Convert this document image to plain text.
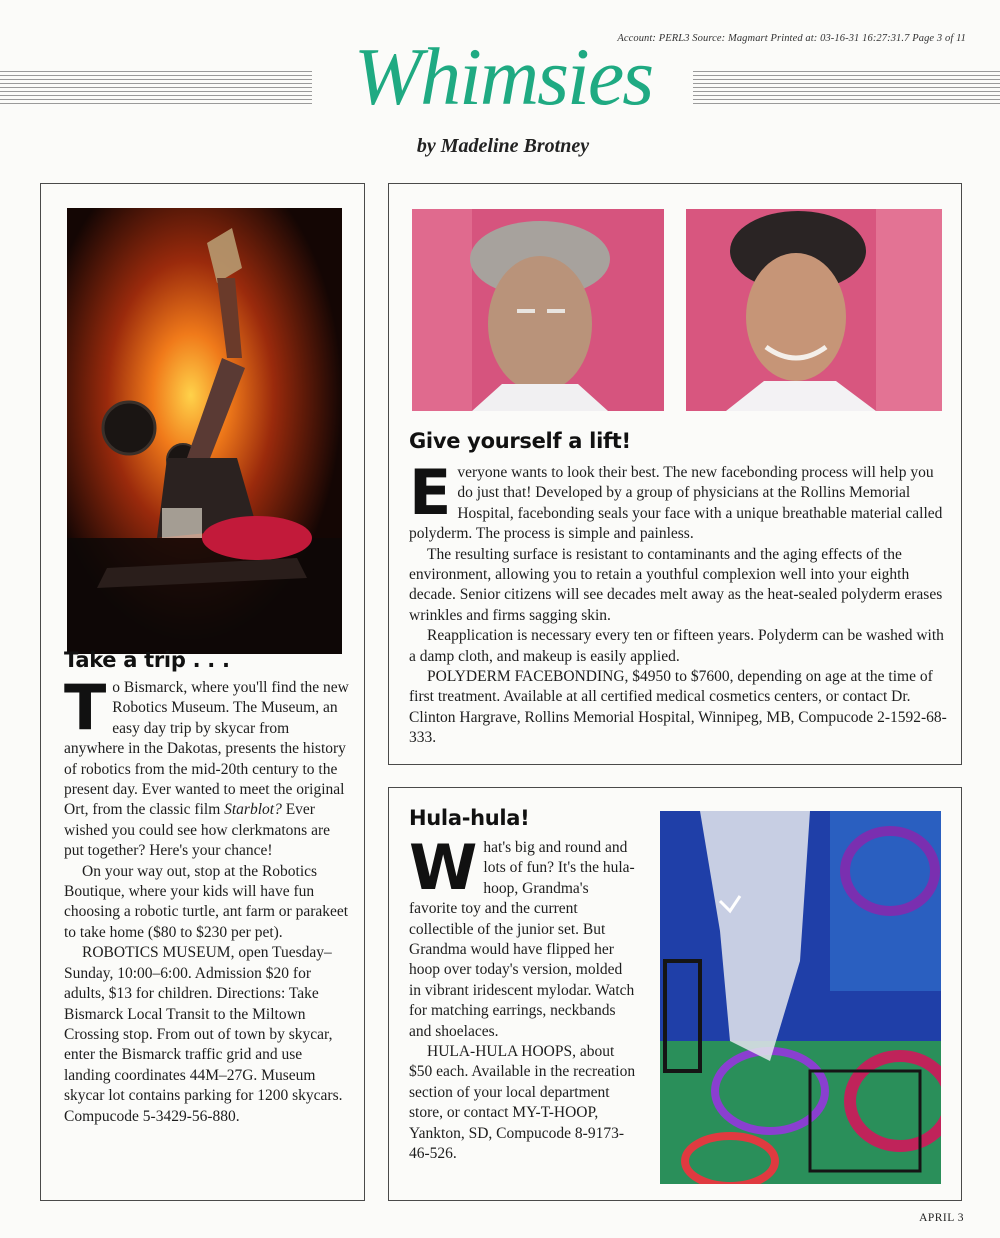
Account: PERL3 Source: Magmart Printed at: 03-16-31 16:27:31.7 Page 3 of 11
Whimsies
by Madeline Brotney
Take a trip . . .

To Bismarck, where you'll find the new Robotics Museum. The Museum, an easy day trip by skycar from anywhere in the Dakotas, presents the history of robotics from the mid-20th century to the present day. Ever wanted to meet the original Ort, from the classic film Starblot? Ever wished you could see how clerkmatons are put together? Here's your chance!

On your way out, stop at the Robotics Boutique, where your kids will have fun choosing a robotic turtle, ant farm or parakeet to take home ($80 to $230 per pet).

ROBOTICS MUSEUM, open Tuesday–Sunday, 10:00–6:00. Admission $20 for adults, $13 for children. Directions: Take Bismarck Local Transit to the Miltown Crossing stop. From out of town by skycar, enter the Bismarck traffic grid and use landing coordinates 44M–27G. Museum skycar lot contains parking for 1200 skycars. Compucode 5-3429-56-880.

Give yourself a lift!

Everyone wants to look their best. The new facebonding process will help you do just that! Developed by a group of physicians at the Rollins Memorial Hospital, facebonding seals your face with a unique breathable material called polyderm. The process is simple and painless.

The resulting surface is resistant to contaminants and the aging effects of the environment, allowing you to retain a youthful complexion well into your eighth decade. Senior citizens will see decades melt away as the heat-sealed polyderm erases wrinkles and firms sagging skin.

Reapplication is necessary every ten or fifteen years. Polyderm can be washed with a damp cloth, and makeup is easily applied.

POLYDERM FACEBONDING, $4950 to $7600, depending on age at the time of first treatment. Available at all certified medical cosmetics centers, or contact Dr. Clinton Hargrave, Rollins Memorial Hospital, Winnipeg, MB, Compucode 2-1592-68-333.

Hula-hula!

What's big and round and lots of fun? It's the hula-hoop, Grandma's favorite toy and the current collectible of the junior set. But Grandma would have flipped her hoop over today's version, molded in vibrant iridescent mylodar. Watch for matching earrings, neckbands and shoelaces.

HULA-HULA HOOPS, about $50 each. Available in the recreation section of your local department store, or contact MY-T-HOOP, Yankton, SD, Compucode 8-9173-46-526.

APRIL 3
